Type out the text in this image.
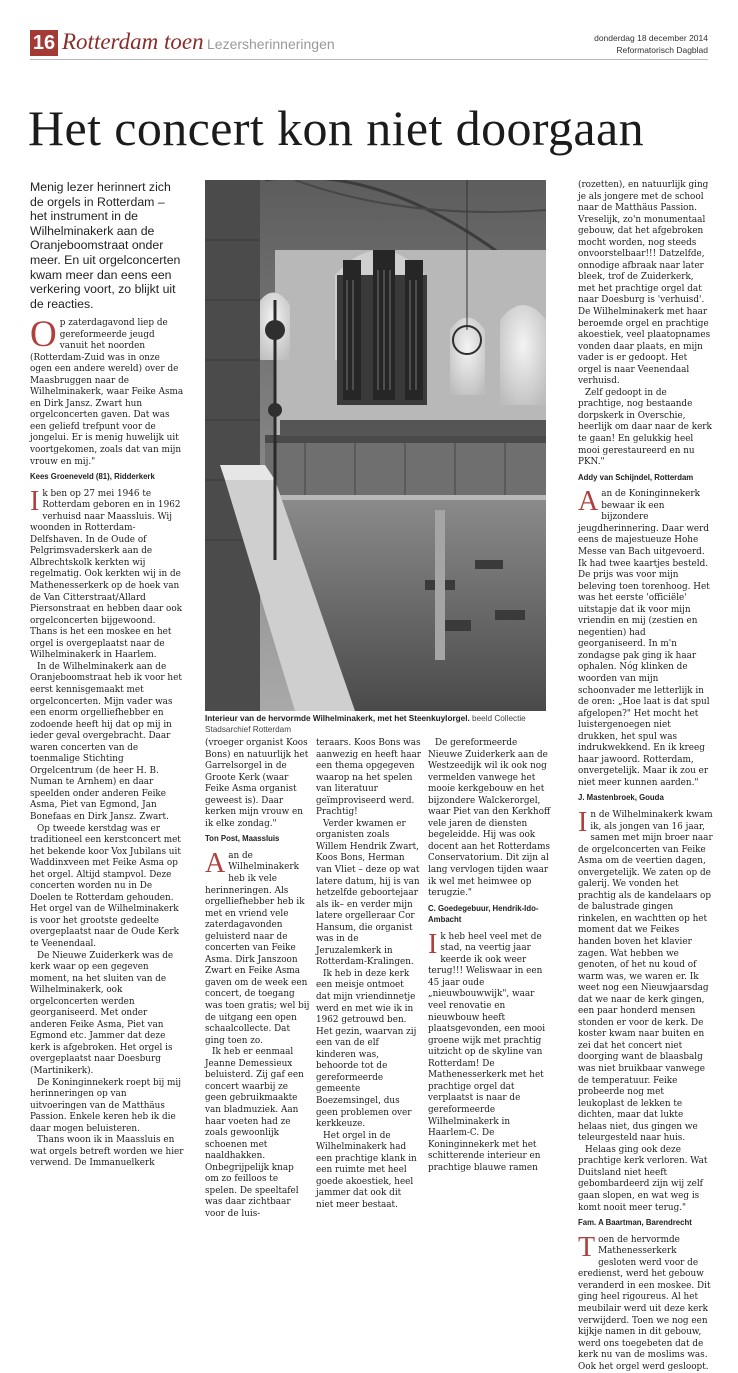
16 Rotterdam toen Lezersherinneringen	donderdag 18 december 2014
Reformatorisch Dagblad
Het concert kon niet doorgaan
Menig lezer herinnert zich de orgels in Rotterdam – het instrument in de Wilhelminakerk aan de Oranjeboomstraat onder meer. En uit orgelconcerten kwam meer dan eens een verkering voort, zo blijkt uit de reacties.

Op zaterdagavond liep de gereformeerde jeugd vanuit het noorden (Rotterdam-Zuid was in onze ogen een andere wereld) over de Maasbruggen naar de Wilhelminakerk, waar Feike Asma en Dirk Jansz. Zwart hun orgelconcerten gaven. Dat was een geliefd trefpunt voor de jongelui. Er is menig huwelijk uit voortgekomen, zoals dat van mijn vrouw en mij."

Kees Groeneveld (81), Ridderkerk

Ik ben op 27 mei 1946 te Rotterdam geboren en in 1962 verhuisd naar Maassluis. Wij woonden in Rotterdam-Delfshaven. In de Oude of Pelgrimsvaderskerk aan de Albrechtskolk kerkten wij regelmatig. Ook kerkten wij in de Mathenesserkerk op de hoek van de Van Citterstraat/Allard Piersonstraat en hebben daar ook orgelconcerten bijgewoond. Thans is het een moskee en het orgel is overgeplaatst naar de Wilhelminakerk in Haarlem.

In de Wilhelminakerk aan de Oranjeboomstraat heb ik voor het eerst kennisgemaakt met orgelconcerten. Mijn vader was een enorm orgelliefhebber en zodoende heeft hij dat op mij in ieder geval overgebracht. Daar waren concerten van de toenmalige Stichting Orgelcentrum (de heer H. B. Numan te Arnhem) en daar speelden onder anderen Feike Asma, Piet van Egmond, Jan Bonefaas en Dirk Jansz. Zwart.

Op tweede kerstdag was er traditioneel een kerstconcert met het bekende koor Vox Jubilans uit Waddinxveen met Feike Asma op het orgel. Altijd stampvol. Deze concerten worden nu in De Doelen te Rotterdam gehouden. Het orgel van de Wilhelminakerk is voor het grootste gedeelte overgeplaatst naar de Oude Kerk te Veenendaal.

De Nieuwe Zuiderkerk was de kerk waar op een gegeven moment, na het sluiten van de Wilhelminakerk, ook orgelconcerten werden georganiseerd. Met onder anderen Feike Asma, Piet van Egmond etc. Jammer dat deze kerk is afgebroken. Het orgel is overgeplaatst naar Doesburg (Martinikerk).

De Koninginnekerk roept bij mij herinneringen op van uitvoeringen van de Matthäus Passion. Enkele keren heb ik die daar mogen beluisteren.

Thans woon ik in Maassluis en wat orgels betreft worden we hier verwend. De Immanuelkerk

Interieur van de hervormde Wilhelminakerk, met het Steenkuylorgel. beeld Collectie Stadsarchief Rotterdam

(vroeger organist Koos Bons) en natuurlijk het Garrelsorgel in de Groote Kerk (waar Feike Asma organist geweest is). Daar kerken mijn vrouw en ik elke zondag."

Ton Post, Maassluis

Aan de Wilhelminakerk heb ik vele herinneringen. Als orgelliefhebber heb ik met en vriend vele zaterdagavonden geluisterd naar de concerten van Feike Asma. Dirk Janszoon Zwart en Feike Asma gaven om de week een concert, de toegang was toen gratis; wel bij de uitgang een open schaalcollecte. Dat ging toen zo.

Ik heb er eenmaal Jeanne Demessieux beluisterd. Zij gaf een concert waarbij ze geen gebruikmaakte van bladmuziek. Aan haar voeten had ze zoals gewoonlijk schoenen met naaldhakken. Onbegrijpelijk knap om zo feilloos te spelen. De speeltafel was daar zichtbaar voor de luis-

teraars. Koos Bons was aanwezig en heeft haar een thema opgegeven waarop na het spelen van literatuur geïmproviseerd werd. Prachtig!

Verder kwamen er organisten zoals Willem Hendrik Zwart, Koos Bons, Herman van Vliet – deze op wat latere datum, hij is van hetzelfde geboortejaar als ik– en verder mijn latere orgelleraar Cor Hansum, die organist was in de Jeruzalemkerk in Rotterdam-Kralingen.

Ik heb in deze kerk een meisje ontmoet dat mijn vriendinnetje werd en met wie ik in 1962 getrouwd ben. Het gezin, waarvan zij een van de elf kinderen was, behoorde tot de gereformeerde gemeente Boezemsingel, dus geen problemen over kerkkeuze.

Het orgel in de Wilhelminakerk had een prachtige klank in een ruimte met heel goede akoestiek, heel jammer dat ook dit niet meer bestaat.

De gereformeerde Nieuwe Zuiderkerk aan de Westzeedijk wil ik ook nog vermelden vanwege het mooie kerkgebouw en het bijzondere Walckerorgel, waar Piet van den Kerkhoff vele jaren de diensten begeleidde. Hij was ook docent aan het Rotterdams Conservatorium. Dit zijn al lang vervlogen tijden waar ik wel met heimwee op terugzie."

C. Goedegebuur, Hendrik-Ido-Ambacht

Ik heb heel veel met de stad, na veertig jaar keerde ik ook weer terug!!! Weliswaar in een 45 jaar oude „nieuwbouwwijk", waar veel renovatie en nieuwbouw heeft plaatsgevonden, een mooi groene wijk met prachtig uitzicht op de skyline van Rotterdam! De Mathenesserkerk met het prachtige orgel dat verplaatst is naar de gereformeerde Wilhelminakerk in Haarlem-C. De Koninginnekerk met het schitterende interieur en prachtige blauwe ramen

(rozetten), en natuurlijk ging je als jongere met de school naar de Matthäus Passion. Vreselijk, zo'n monumentaal gebouw, dat het afgebroken mocht worden, nog steeds onvoorstelbaar!!! Datzelfde, onnodige afbraak naar later bleek, trof de Zuiderkerk, met het prachtige orgel dat naar Doesburg is 'verhuisd'. De Wilhelminakerk met haar beroemde orgel en prachtige akoestiek, veel plaatopnames vonden daar plaats, en mijn vader is er gedoopt. Het orgel is naar Veenendaal verhuisd.

Zelf gedoopt in de prachtige, nog bestaande dorpskerk in Overschie, heerlijk om daar naar de kerk te gaan! En gelukkig heel mooi gerestaureerd en nu PKN."

Addy van Schijndel, Rotterdam

Aan de Koninginnekerk bewaar ik een bijzondere jeugdherinnering. Daar werd eens de majestueuze Hohe Messe van Bach uitgevoerd. Ik had twee kaartjes besteld. De prijs was voor mijn beleving toen torenhoog. Het was het eerste 'officiële' uitstapje dat ik voor mijn vriendin en mij (zestien en negentien) had georganiseerd. In m'n zondagse pak ging ik haar ophalen. Nóg klinken de woorden van mijn schoonvader me letterlijk in de oren: „Hoe laat is dat spul afgelopen?" Het mocht het luistergenoegen niet drukken, het spul was indrukwekkend. En ik kreeg haar jawoord. Rotterdam, onvergetelijk. Maar ik zou er niet meer kunnen aarden."

J. Mastenbroek, Gouda

In de Wilhelminakerk kwam ik, als jongen van 16 jaar, samen met mijn broer naar de orgelconcerten van Feike Asma om de veertien dagen, onvergetelijk. We zaten op de galerij. We vonden het prachtig als de kandelaars op de balustrade gingen rinkelen, en wachtten op het moment dat we Feikes handen boven het klavier zagen. Wat hebben we genoten, of het nu koud of warm was, we waren er. Ik weet nog een Nieuwjaarsdag dat we naar de kerk gingen, een paar honderd mensen stonden er voor de kerk. De koster kwam naar buiten en zei dat het concert niet doorging want de blaasbalg was niet bruikbaar vanwege de temperatuur. Feike probeerde nog met leukoplast de lekken te dichten, maar dat lukte helaas niet, dus gingen we teleurgesteld naar huis.

Helaas ging ook deze prachtige kerk verloren. Wat Duitsland niet heeft gebombardeerd zijn wij zelf gaan slopen, en wat weg is komt nooit meer terug."

Fam. A Baartman, Barendrecht

Toen de hervormde Mathenesserkerk gesloten werd voor de eredienst, werd het gebouw veranderd in een moskee. Dit ging heel rigoureus. Al het meubilair werd uit deze kerk verwijderd. Toen we nog een kijkje namen in dit gebouw, werd ons toegebeten dat de kerk nu van de moslims was. Ook het orgel werd gesloopt.
